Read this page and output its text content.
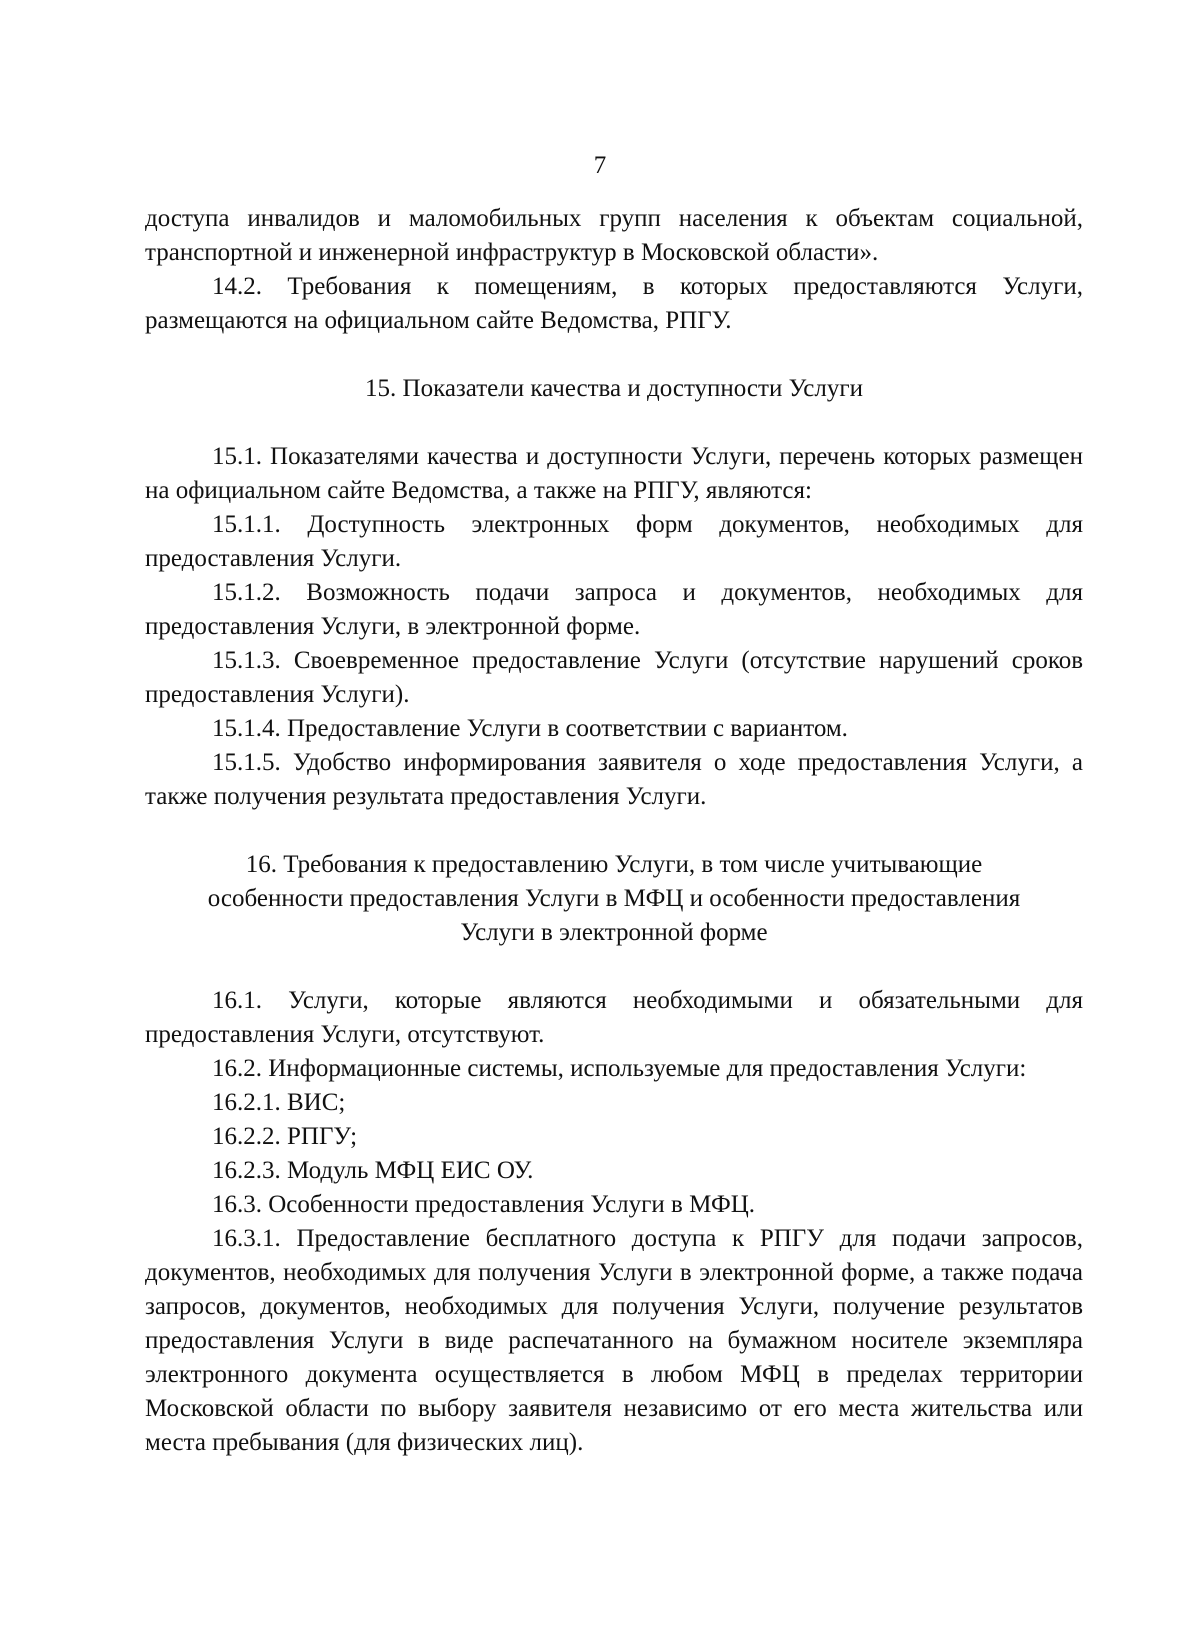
7

доступа инвалидов и маломобильных групп населения к объектам социальной, транспортной и инженерной инфраструктур в Московской области».

14.2. Требования к помещениям, в которых предоставляются Услуги, размещаются на официальном сайте Ведомства, РПГУ.

15. Показатели качества и доступности Услуги

15.1. Показателями качества и доступности Услуги, перечень которых размещен на официальном сайте Ведомства, а также на РПГУ, являются:

15.1.1. Доступность электронных форм документов, необходимых для предоставления Услуги.

15.1.2. Возможность подачи запроса и документов, необходимых для предоставления Услуги, в электронной форме.

15.1.3. Своевременное предоставление Услуги (отсутствие нарушений сроков предоставления Услуги).

15.1.4. Предоставление Услуги в соответствии с вариантом.

15.1.5. Удобство информирования заявителя о ходе предоставления Услуги, а также получения результата предоставления Услуги.

16. Требования к предоставлению Услуги, в том числе учитывающие
особенности предоставления Услуги в МФЦ и особенности предоставления
Услуги в электронной форме

16.1. Услуги, которые являются необходимыми и обязательными для предоставления Услуги, отсутствуют.

16.2. Информационные системы, используемые для предоставления Услуги:

16.2.1. ВИС;

16.2.2. РПГУ;

16.2.3. Модуль МФЦ ЕИС ОУ.

16.3. Особенности предоставления Услуги в МФЦ.

16.3.1. Предоставление бесплатного доступа к РПГУ для подачи запросов, документов, необходимых для получения Услуги в электронной форме, а также подача запросов, документов, необходимых для получения Услуги, получение результатов предоставления Услуги в виде распечатанного на бумажном носителе экземпляра электронного документа осуществляется в любом МФЦ в пределах территории Московской области по выбору заявителя независимо от его места жительства или места пребывания (для физических лиц).
